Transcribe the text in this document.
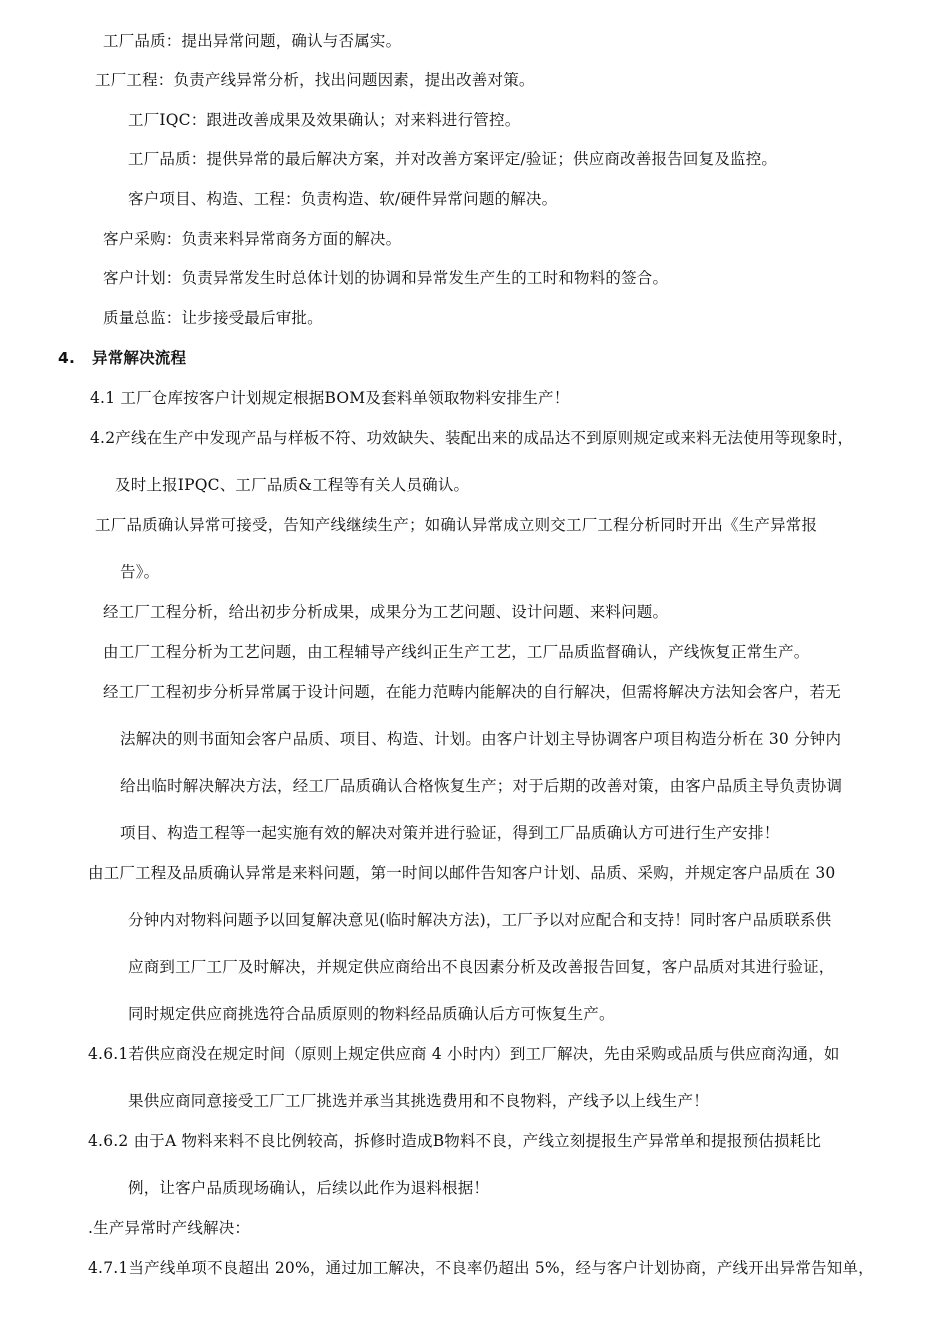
工厂品质：提出异常问题，确认与否属实。
工厂工程：负责产线异常分析，找出问题因素，提出改善对策。
工厂IQC：跟进改善成果及效果确认；对来料进行管控。
工厂品质：提供异常的最后解决方案，并对改善方案评定/验证；供应商改善报告回复及监控。
客户项目、构造、工程：负责构造、软/硬件异常问题的解决。
客户采购：负责来料异常商务方面的解决。
客户计划：负责异常发生时总体计划的协调和异常发生产生的工时和物料的签合。
质量总监：让步接受最后审批。
4. 异常解决流程
4.1 工厂仓库按客户计划规定根据BOM及套料单领取物料安排生产！
4.2产线在生产中发现产品与样板不符、功效缺失、装配出来的成品达不到原则规定或来料无法使用等现象时，
及时上报IPQC、工厂品质&工程等有关人员确认。
工厂品质确认异常可接受，告知产线继续生产；如确认异常成立则交工厂工程分析同时开出《生产异常报
告》。
经工厂工程分析，给出初步分析成果，成果分为工艺问题、设计问题、来料问题。
由工厂工程分析为工艺问题，由工程辅导产线纠正生产工艺，工厂品质监督确认，产线恢复正常生产。
经工厂工程初步分析异常属于设计问题，在能力范畴内能解决的自行解决，但需将解决方法知会客户，若无
法解决的则书面知会客户品质、项目、构造、计划。由客户计划主导协调客户项目构造分析在 30 分钟内
给出临时解决解决方法，经工厂品质确认合格恢复生产；对于后期的改善对策，由客户品质主导负责协调
项目、构造工程等一起实施有效的解决对策并进行验证，得到工厂品质确认方可进行生产安排！
由工厂工程及品质确认异常是来料问题，第一时间以邮件告知客户计划、品质、采购，并规定客户品质在 30
分钟内对物料问题予以回复解决意见(临时解决方法)，工厂予以对应配合和支持！同时客户品质联系供
应商到工厂工厂及时解决，并规定供应商给出不良因素分析及改善报告回复，客户品质对其进行验证，
同时规定供应商挑选符合品质原则的物料经品质确认后方可恢复生产。
4.6.1若供应商没在规定时间（原则上规定供应商 4 小时内）到工厂解决，先由采购或品质与供应商沟通，如
果供应商同意接受工厂工厂挑选并承当其挑选费用和不良物料，产线予以上线生产！
4.6.2 由于A 物料来料不良比例较高，拆修时造成B物料不良，产线立刻提报生产异常单和提报预估损耗比
例，让客户品质现场确认，后续以此作为退料根据！
.生产异常时产线解决：
4.7.1当产线单项不良超出 20%，通过加工解决，不良率仍超出 5%，经与客户计划协商，产线开出异常告知单，
